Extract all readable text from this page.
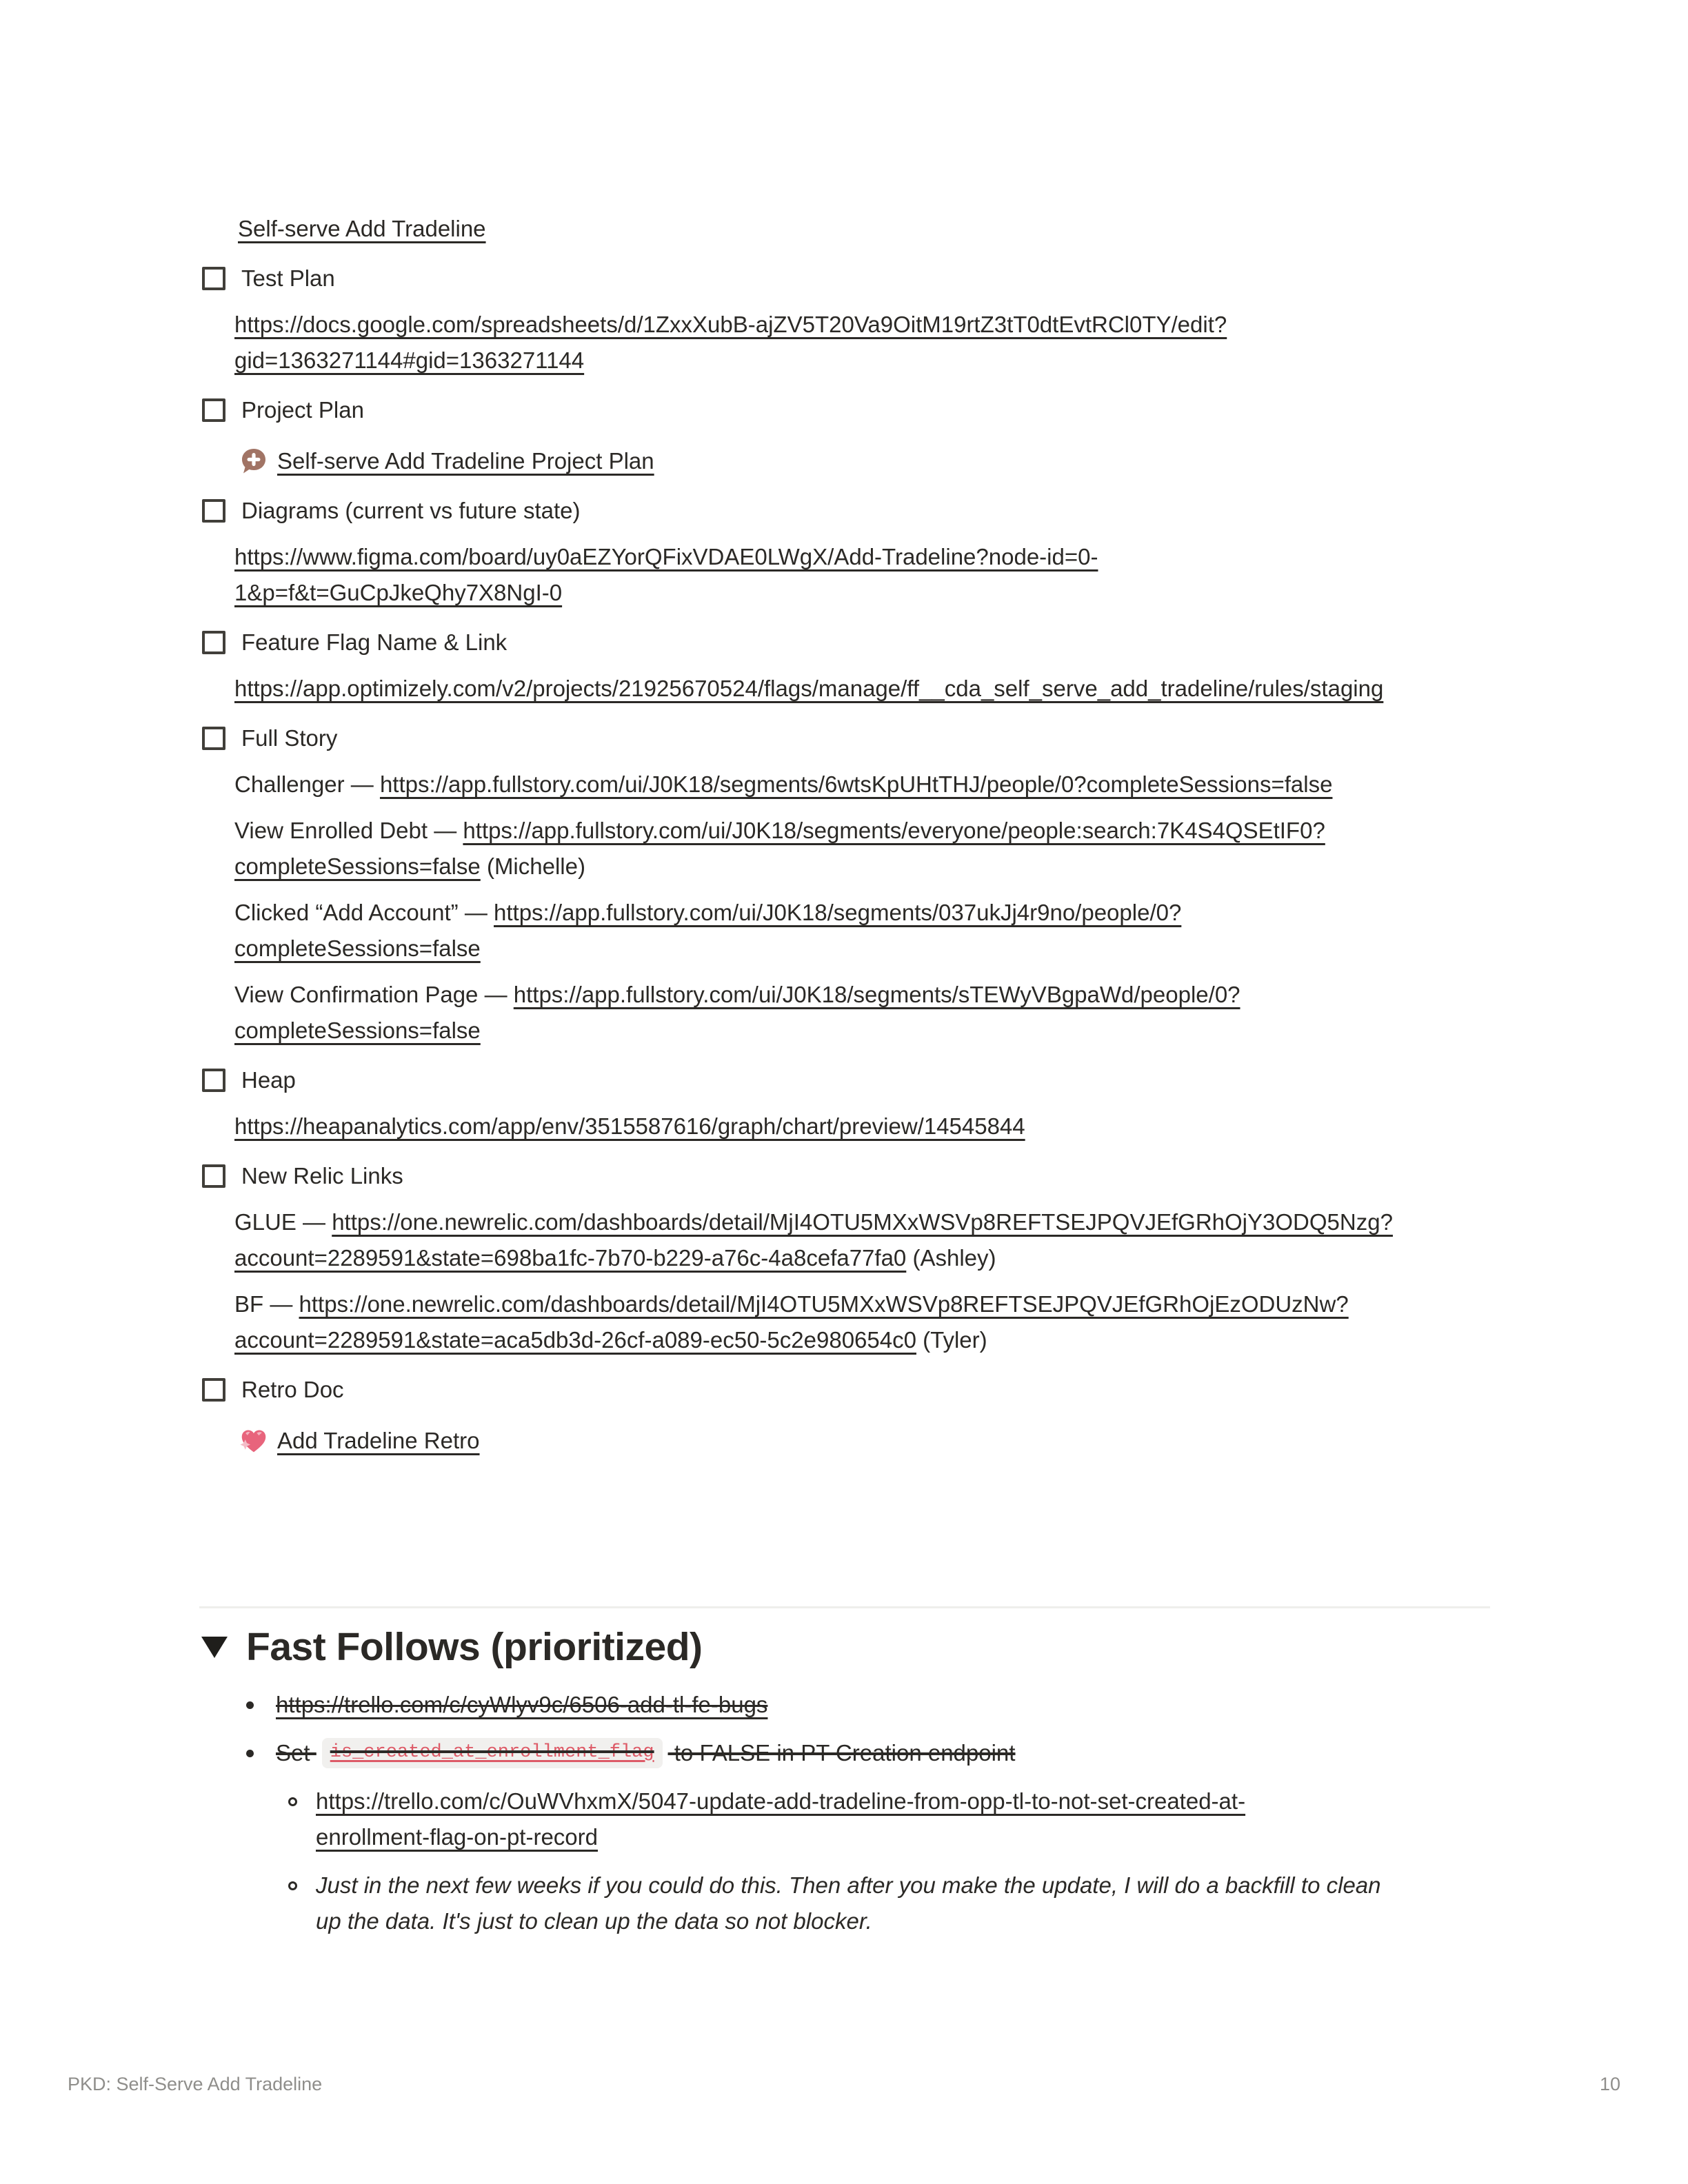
Self-serve Add Tradeline
Test Plan
https://docs.google.com/spreadsheets/d/1ZxxXubB-ajZV5T20Va9OitM19rtZ3tT0dtEvtRCl0TY/edit?
gid=1363271144#gid=1363271144
Project Plan
Self-serve Add Tradeline Project Plan
Diagrams (current vs future state)
https://www.figma.com/board/uy0aEZYorQFixVDAE0LWgX/Add-Tradeline?node-id=0-
1&p=f&t=GuCpJkeQhy7X8NgI-0
Feature Flag Name & Link
https://app.optimizely.com/v2/projects/21925670524/flags/manage/ff__cda_self_serve_add_tradeline/rules/staging
Full Story
Challenger — https://app.fullstory.com/ui/J0K18/segments/6wtsKpUHtTHJ/people/0?completeSessions=false
View Enrolled Debt — https://app.fullstory.com/ui/J0K18/segments/everyone/people:search:7K4S4QSEtIF0?
completeSessions=false (Michelle)
Clicked “Add Account” — https://app.fullstory.com/ui/J0K18/segments/037ukJj4r9no/people/0?
completeSessions=false
View Confirmation Page — https://app.fullstory.com/ui/J0K18/segments/sTEWyVBgpaWd/people/0?
completeSessions=false
Heap
https://heapanalytics.com/app/env/3515587616/graph/chart/preview/14545844
New Relic Links
GLUE — https://one.newrelic.com/dashboards/detail/MjI4OTU5MXxWSVp8REFTSEJPQVJEfGRhOjY3ODQ5Nzg?
account=2289591&state=698ba1fc-7b70-b229-a76c-4a8cefa77fa0 (Ashley)
BF — https://one.newrelic.com/dashboards/detail/MjI4OTU5MXxWSVp8REFTSEJPQVJEfGRhOjEzODUzNw?
account=2289591&state=aca5db3d-26cf-a089-ec50-5c2e980654c0 (Tyler)
Retro Doc
Add Tradeline Retro
Fast Follows (prioritized)
https://trello.com/c/cyWlyv9c/6506-add-tl-fe-bugs
Set is_created_at_enrollment_flag to FALSE in PT Creation endpoint
https://trello.com/c/OuWVhxmX/5047-update-add-tradeline-from-opp-tl-to-not-set-created-at-
enrollment-flag-on-pt-record
Just in the next few weeks if you could do this. Then after you make the update, I will do a backfill to clean
up the data. It's just to clean up the data so not blocker.
PKD: Self-Serve Add Tradeline	10
